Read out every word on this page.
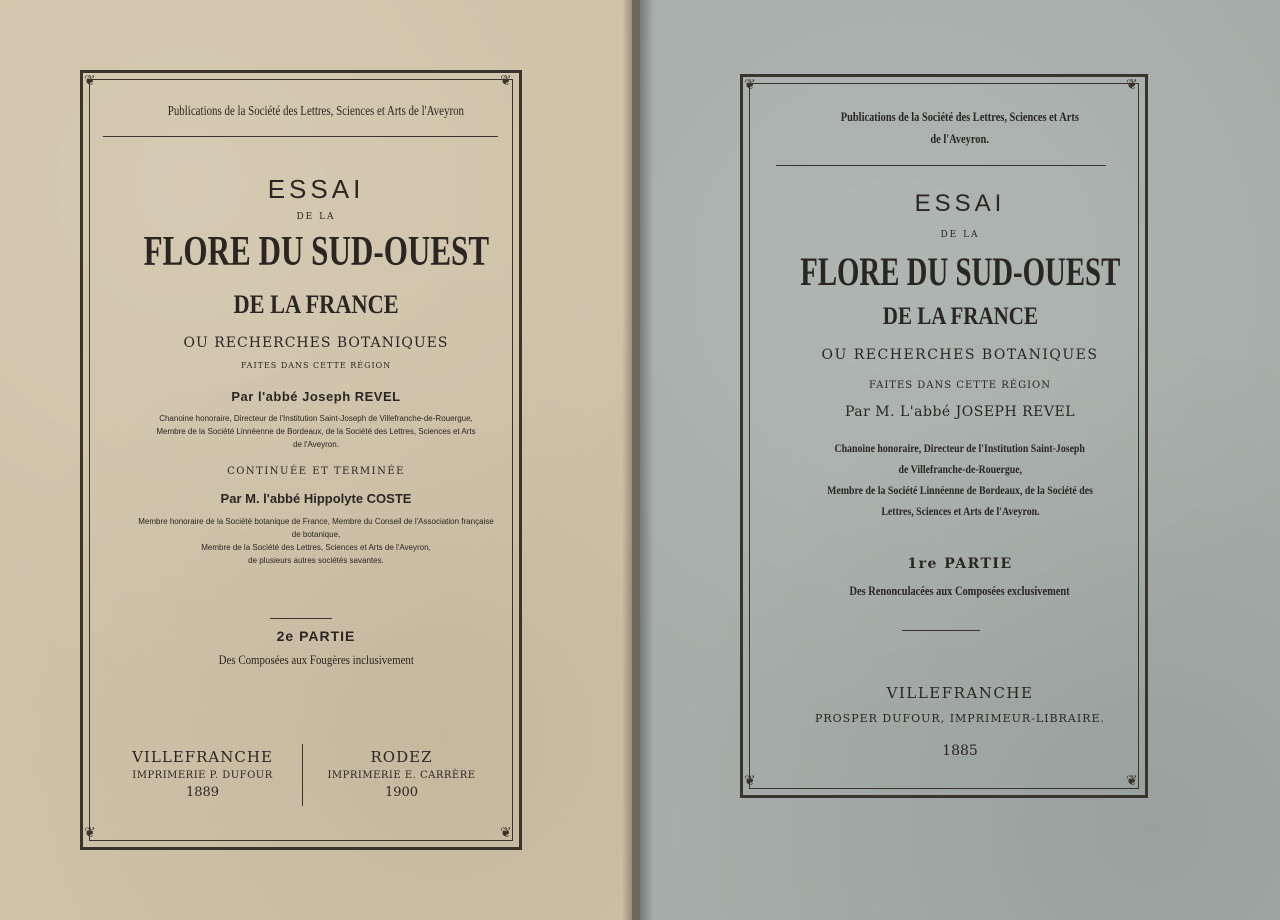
❦	❦
❦	❦
Publications de la Société des Lettres, Sciences et Arts de l'Aveyron
ESSAI
DE LA
FLORE DU SUD-OUEST
DE LA FRANCE
OU RECHERCHES BOTANIQUES
FAITES DANS CETTE RÉGION
Par l'abbé Joseph REVEL
Chanoine honoraire, Directeur de l'Institution Saint-Joseph de Villefranche-de-Rouergue,
Membre de la Société Linnéenne de Bordeaux, de la Société des Lettres, Sciences et Arts
de l'Aveyron.
CONTINUÉE ET TERMINÉE
Par M. l'abbé Hippolyte COSTE
Membre honoraire de la Société botanique de France, Membre du Conseil de l'Association française
de botanique,
Membre de la Société des Lettres, Sciences et Arts de l'Aveyron,
de plusieurs autres sociétés savantes.
2e PARTIE
Des Composées aux Fougères inclusivement
VILLEFRANCHE
IMPRIMERIE P. DUFOUR
1889
RODEZ
IMPRIMERIE E. CARRÈRE
1900
❦	❦
❦	❦
Publications de la Société des Lettres, Sciences et Arts
de l'Aveyron.
ESSAI
DE LA
FLORE DU SUD-OUEST
DE LA FRANCE
OU RECHERCHES BOTANIQUES
FAITES DANS CETTE RÉGION
Par M. L'abbé JOSEPH REVEL
Chanoine honoraire, Directeur de l'Institution Saint-Joseph
de Villefranche-de-Rouergue,
Membre de la Société Linnéenne de Bordeaux, de la Société des
Lettres, Sciences et Arts de l'Aveyron.
1re PARTIE
Des Renonculacées aux Composées exclusivement
VILLEFRANCHE
PROSPER DUFOUR, IMPRIMEUR-LIBRAIRE.
1885
